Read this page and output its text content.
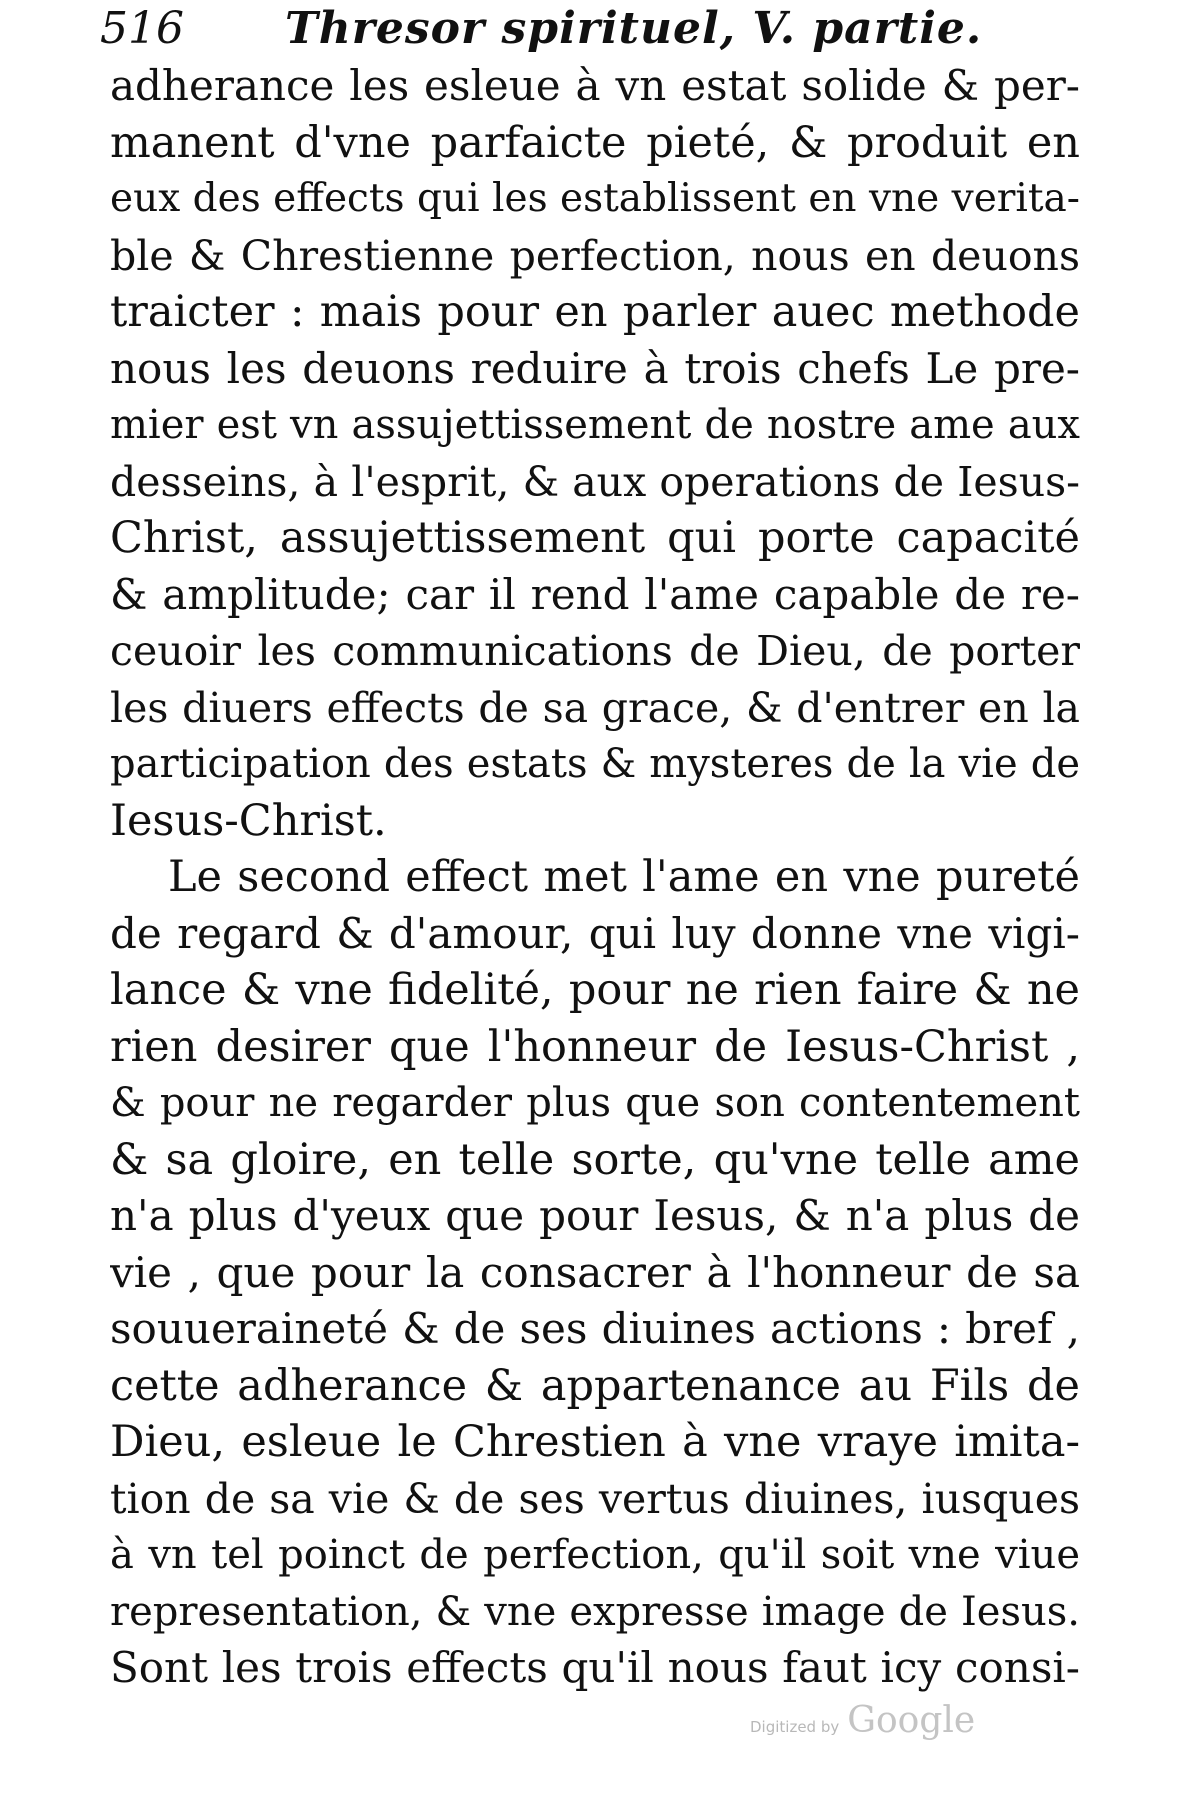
516 Thresor spirituel, V. partie.
adherance les esleue à vn estat solide & per-
manent d'vne parfaicte pieté, & produit en
eux des effects qui les establissent en vne verita-
ble & Chrestienne perfection, nous en deuons
traicter : mais pour en parler auec methode
nous les deuons reduire à trois chefs Le pre-
mier est vn assujettissement de nostre ame aux
desseins, à l'esprit, & aux operations de Iesus-
Christ, assujettissement qui porte capacité
& amplitude; car il rend l'ame capable de re-
ceuoir les communications de Dieu, de porter
les diuers effects de sa grace, & d'entrer en la
participation des estats & mysteres de la vie de
Iesus-Christ.
Le second effect met l'ame en vne pureté
de regard & d'amour, qui luy donne vne vigi-
lance & vne fidelité, pour ne rien faire & ne
rien desirer que l'honneur de Iesus-Christ ,
& pour ne regarder plus que son contentement
& sa gloire, en telle sorte, qu'vne telle ame
n'a plus d'yeux que pour Iesus, & n'a plus de
vie , que pour la consacrer à l'honneur de sa
souuerainеté & de ses diuines actions : bref ,
cette adherance & appartenance au Fils de
Dieu, esleue le Chrestien à vne vraye imita-
tion de sa vie & de ses vertus diuines, iusques
à vn tel poinct de perfection, qu'il soit vne viue
representation, & vne expresse image de Iesus.
Sont les trois effects qu'il nous faut icy consi-
Digitized by Google
